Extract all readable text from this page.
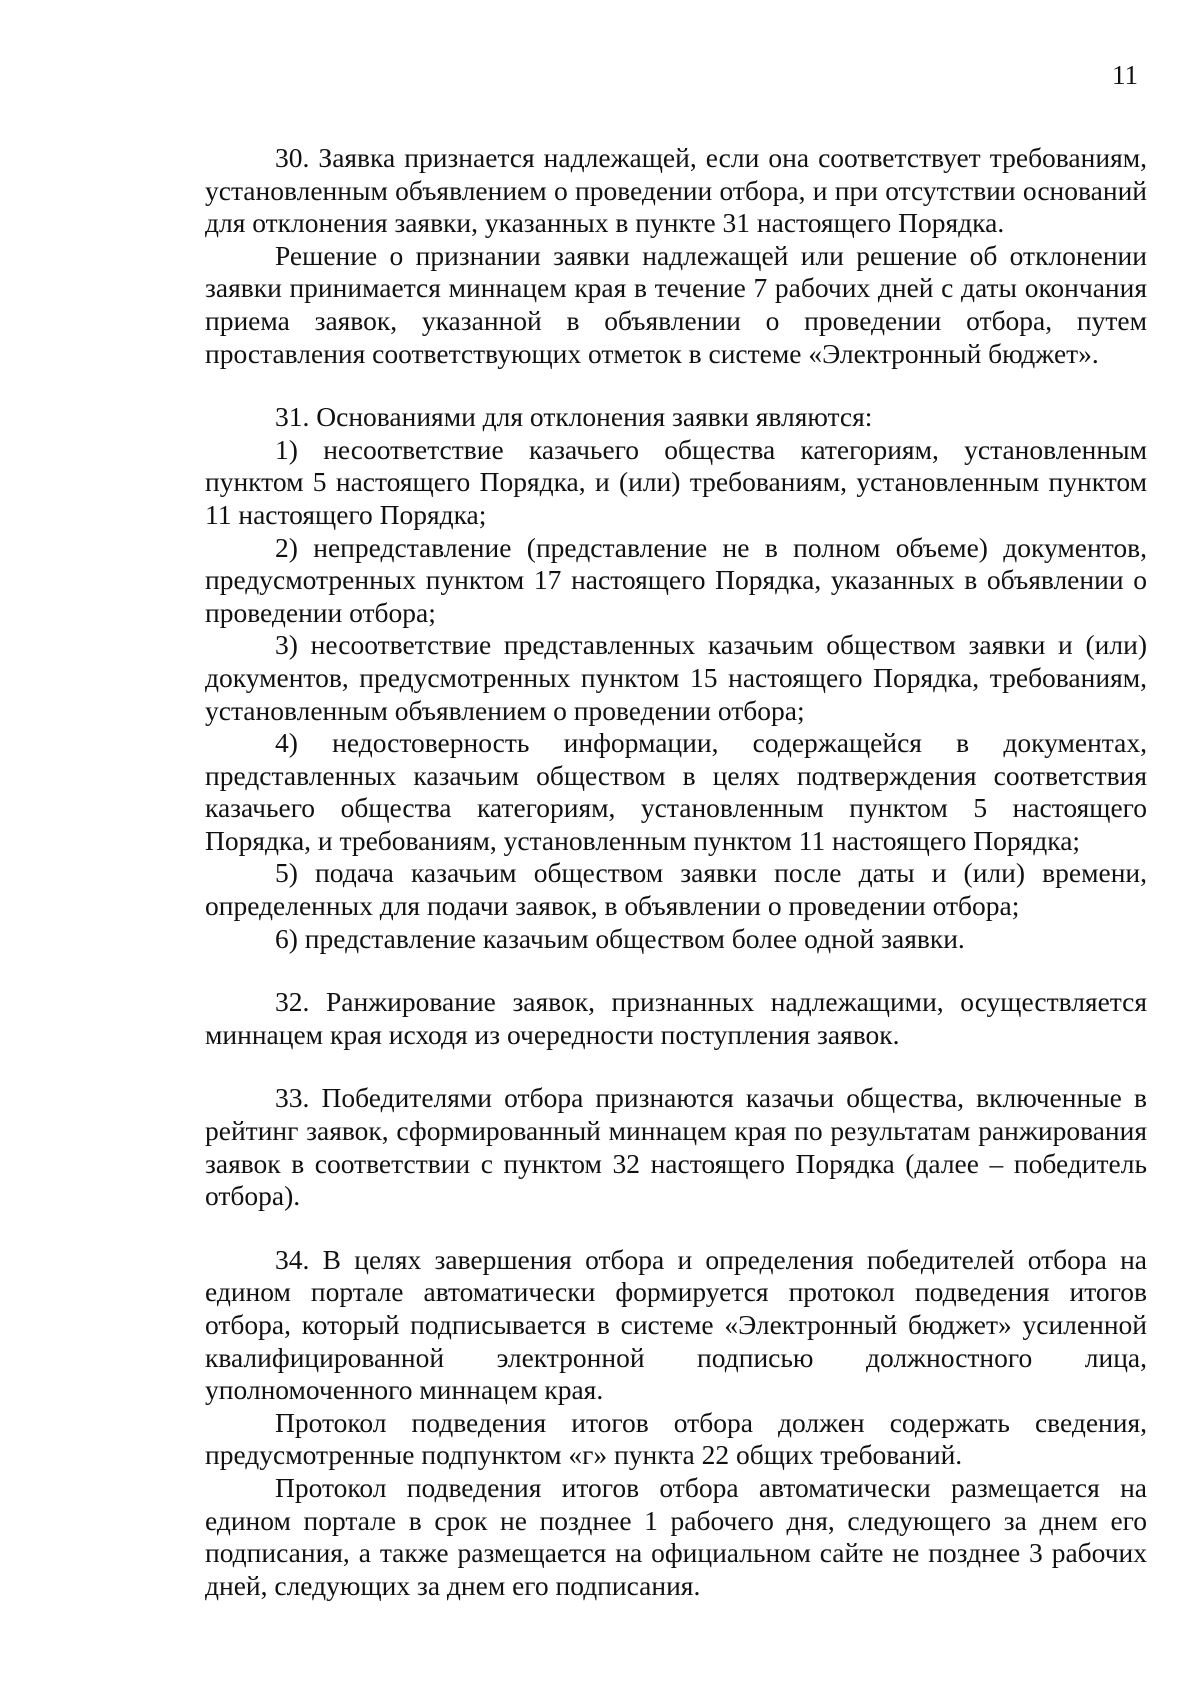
11

30. Заявка признается надлежащей, если она соответствует требованиям, установленным объявлением о проведении отбора, и при отсутствии оснований для отклонения заявки, указанных в пункте 31 настоящего Порядка.

Решение о признании заявки надлежащей или решение об отклонении заявки принимается миннацем края в течение 7 рабочих дней с даты окончания приема заявок, указанной в объявлении о проведении отбора, путем проставления соответствующих отметок в системе «Электронный бюджет».

31. Основаниями для отклонения заявки являются:

1) несоответствие казачьего общества категориям, установленным пунктом 5 настоящего Порядка, и (или) требованиям, установленным пунктом 11 настоящего Порядка;

2) непредставление (представление не в полном объеме) документов, предусмотренных пунктом 17 настоящего Порядка, указанных в объявлении о проведении отбора;

3) несоответствие представленных казачьим обществом заявки и (или) документов, предусмотренных пунктом 15 настоящего Порядка, требованиям, установленным объявлением о проведении отбора;

4) недостоверность информации, содержащейся в документах, представленных казачьим обществом в целях подтверждения соответствия казачьего общества категориям, установленным пунктом 5 настоящего Порядка, и требованиям, установленным пунктом 11 настоящего Порядка;

5) подача казачьим обществом заявки после даты и (или) времени, определенных для подачи заявок, в объявлении о проведении отбора;

6) представление казачьим обществом более одной заявки.

32. Ранжирование заявок, признанных надлежащими, осуществляется миннацем края исходя из очередности поступления заявок.

33. Победителями отбора признаются казачьи общества, включенные в рейтинг заявок, сформированный миннацем края по результатам ранжирования заявок в соответствии с пунктом 32 настоящего Порядка (далее – победитель отбора).

34. В целях завершения отбора и определения победителей отбора на едином портале автоматически формируется протокол подведения итогов отбора, который подписывается в системе «Электронный бюджет» усиленной квалифицированной электронной подписью должностного лица, уполномоченного миннацем края.

Протокол подведения итогов отбора должен содержать сведения, предусмотренные подпунктом «г» пункта 22 общих требований.

Протокол подведения итогов отбора автоматически размещается на едином портале в срок не позднее 1 рабочего дня, следующего за днем его подписания, а также размещается на официальном сайте не позднее 3 рабочих дней, следующих за днем его подписания.
